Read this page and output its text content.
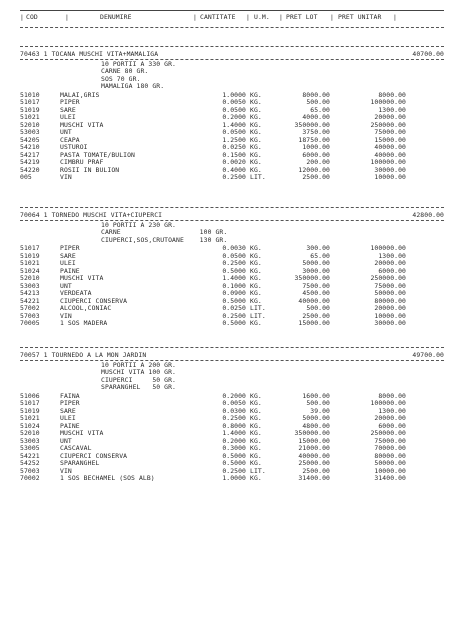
| COD	|	DENUMIRE	| CANTITATE | U.M. | PRET LOT | PRET UNITAR |
70463 1 TOCANA MUSCHI VITA+MAMALIGA	40700.00
10 PORTII A 330 GR.
CARNE 80 GR.
SOS 70 GR.
MAMALIGA 180 GR.
51010	MALAI,GRIS	1.0000 KG.	8000.00	8000.00
51017	PIPER	0.0050 KG.	500.00	100000.00
51019	SARE	0.0500 KG.	65.00	1300.00
51021	ULEI	0.2000 KG.	4000.00	20000.00
52010	MUSCHI VITA	1.4000 KG.	350000.00	250000.00
53003	UNT	0.0500 KG.	3750.00	75000.00
54205	CEAPA	1.2500 KG.	18750.00	15000.00
54210	USTUROI	0.0250 KG.	1000.00	40000.00
54217	PASTA TOMATE/BULION	0.1500 KG.	6000.00	40000.00
54219	CIMBRU PRAF	0.0020 KG.	200.00	100000.00
54220	ROSII IN BULION	0.4000 KG.	12000.00	30000.00
005	VIN	0.2500 LIT.	2500.00	10000.00
70064 1 TORNEDO MUSCHI VITA+CIUPERCI	42800.00
10 PORTII A 230 GR.
CARNE                    100 GR.
CIUPERCI,SOS,CRUTOANE    130 GR.
51017	PIPER	0.0030 KG.	300.00	100000.00
51019	SARE	0.0500 KG.	65.00	1300.00
51021	ULEI	0.2500 KG.	5000.00	20000.00
51024	PAINE	0.5000 KG.	3000.00	6000.00
52010	MUSCHI VITA	1.4000 KG.	350000.00	250000.00
53003	UNT	0.1000 KG.	7500.00	75000.00
54213	VERDEATA	0.0900 KG.	4500.00	50000.00
54221	CIUPERCI CONSERVA	0.5000 KG.	40000.00	80000.00
57002	ALCOOL,CONIAC	0.0250 LIT.	500.00	20000.00
57003	VIN	0.2500 LIT.	2500.00	10000.00
70005	1 SOS MADERA	0.5000 KG.	15000.00	30000.00
70057 1 TOURNEDO A LA MON JARDIN	49700.00
10 PORTII A 200 GR.
MUSCHI VITA 100 GR.
CIUPERCI     50 GR.
SPARANGHEL   50 GR.
51006	FAINA	0.2000 KG.	1600.00	8000.00
51017	PIPER	0.0050 KG.	500.00	100000.00
51019	SARE	0.0300 KG.	39.00	1300.00
51021	ULEI	0.2500 KG.	5000.00	20000.00
51024	PAINE	0.8000 KG.	4800.00	6000.00
52010	MUSCHI VITA	1.4000 KG.	350000.00	250000.00
53003	UNT	0.2000 KG.	15000.00	75000.00
53005	CASCAVAL	0.3000 KG.	21000.00	70000.00
54221	CIUPERCI CONSERVA	0.5000 KG.	40000.00	80000.00
54252	SPARANGHEL	0.5000 KG.	25000.00	50000.00
57003	VIN	0.2500 LIT.	2500.00	10000.00
70002	1 SOS BECHAMEL (SOS ALB)	1.0000 KG.	31400.00	31400.00
